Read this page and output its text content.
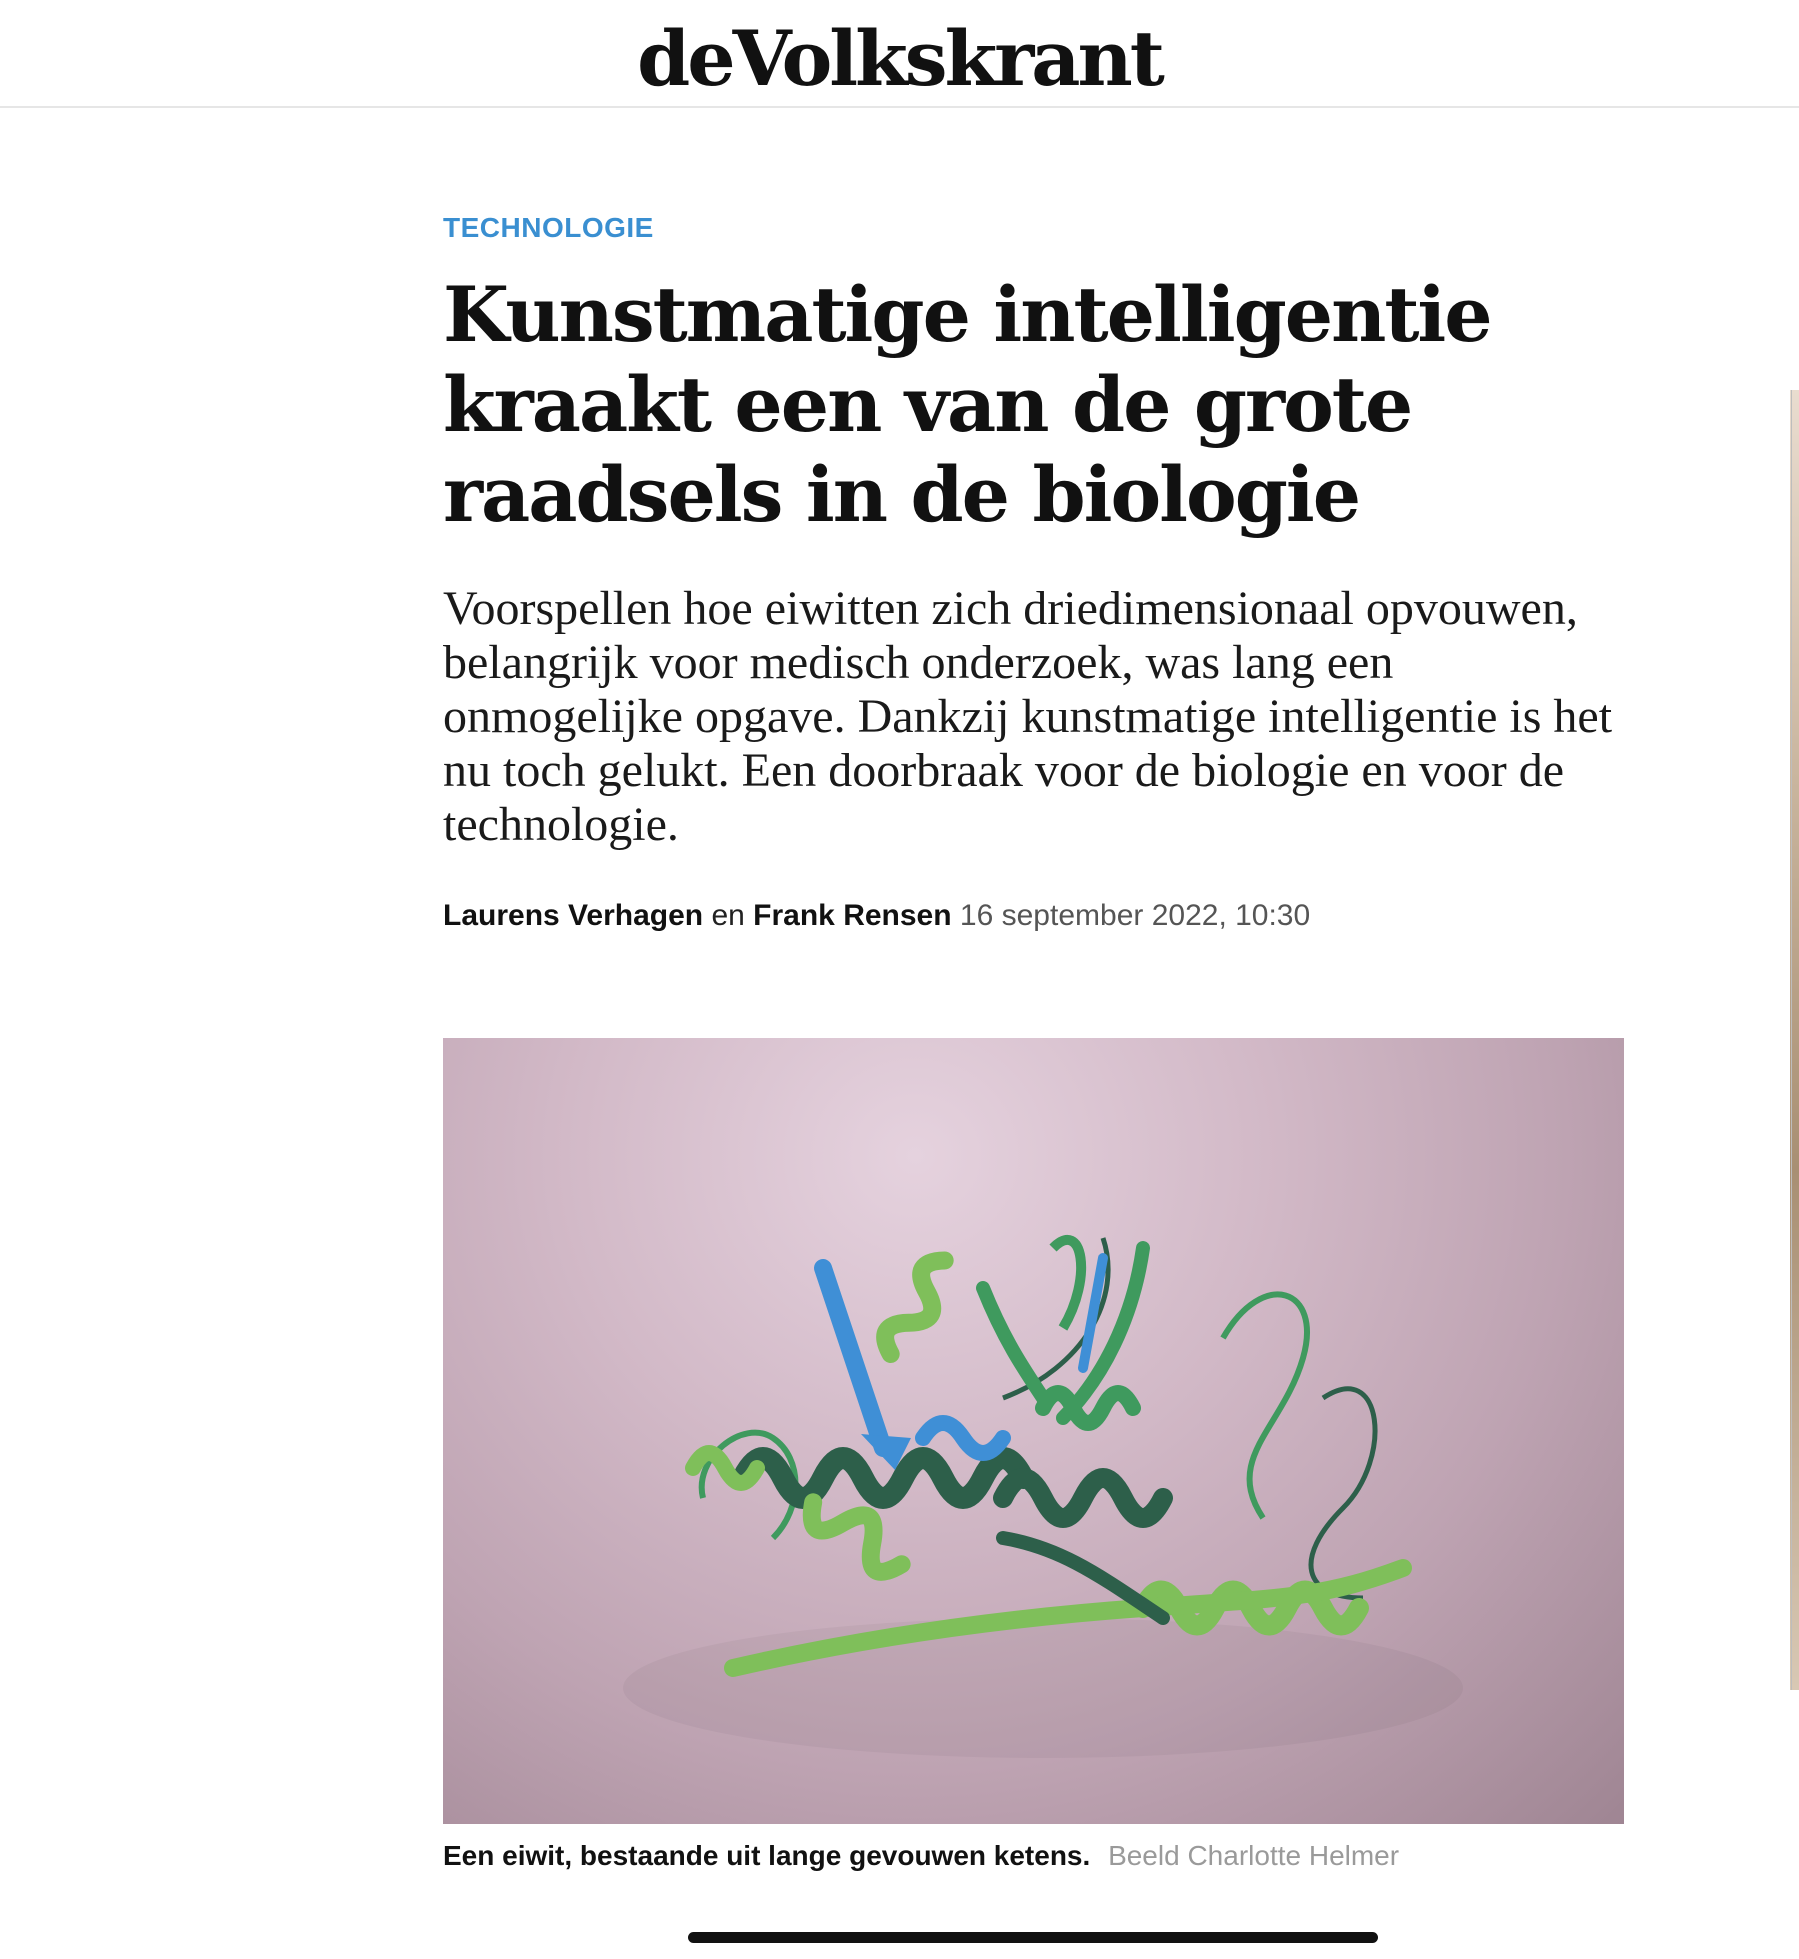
deVolkskrant
TECHNOLOGIE
Kunstmatige intelligentie kraakt een van de grote raadsels in de biologie
Voorspellen hoe eiwitten zich driedimensionaal opvouwen, belangrijk voor medisch onderzoek, was lang een onmogelijke opgave. Dankzij kunstmatige intelligentie is het nu toch gelukt. Een doorbraak voor de biologie en voor de technologie.
Laurens Verhagen en Frank Rensen 16 september 2022, 10:30
Een eiwit, bestaande uit lange gevouwen ketens. Beeld Charlotte Helmer
